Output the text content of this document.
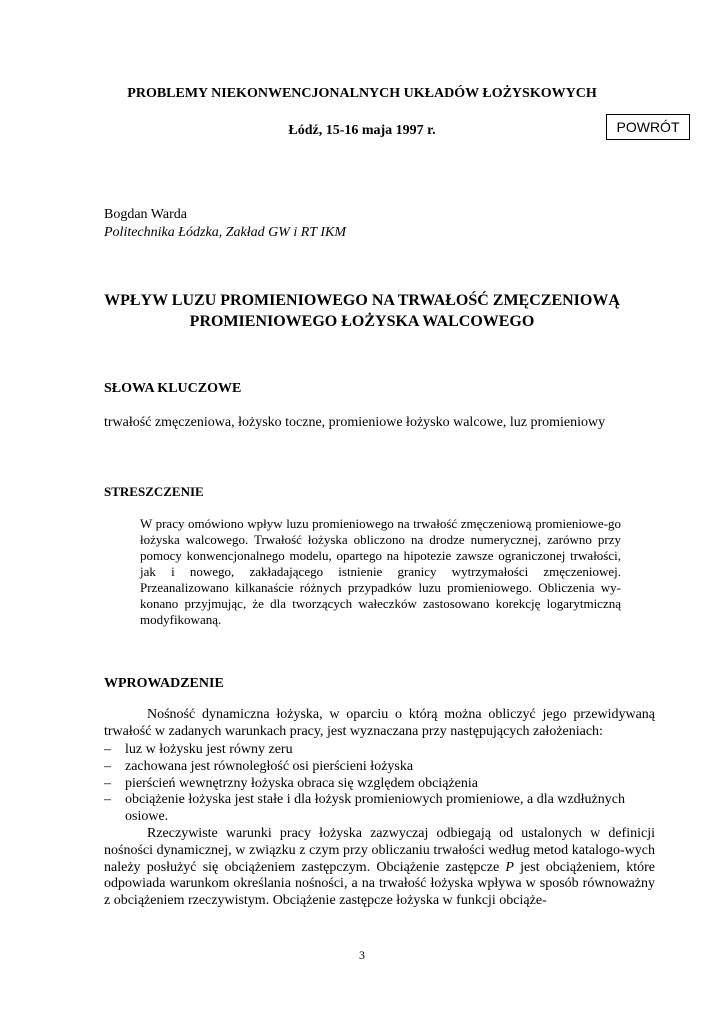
PROBLEMY NIEKONWENCJONALNYCH UKŁADÓW ŁOŻYSKOWYCH
Łódź, 15-16 maja 1997 r.	POWRÓT
Bogdan Warda
Politechnika Łódzka, Zakład GW i RT IKM
WPŁYW LUZU PROMIENIOWEGO NA TRWAŁOŚĆ ZMĘCZENIOWĄ
PROMIENIOWEGO ŁOŻYSKA WALCOWEGO
SŁOWA KLUCZOWE
trwałość zmęczeniowa, łożysko toczne, promieniowe łożysko walcowe, luz promieniowy
STRESZCZENIE

W pracy omówiono wpływ luzu promieniowego na trwałość zmęczeniową promieniowe-go łożyska walcowego. Trwałość łożyska obliczono na drodze numerycznej, zarówno przy pomocy konwencjonalnego modelu, opartego na hipotezie zawsze ograniczonej trwałości, jak i nowego, zakładającego istnienie granicy wytrzymałości zmęczeniowej. Przeanalizowano kilkanaście różnych przypadków luzu promieniowego. Obliczenia wy-konano przyjmując, że dla tworzących wałeczków zastosowano korekcję logarytmiczną modyfikowaną.

WPROWADZENIE

Nośność dynamiczna łożyska, w oparciu o którą można obliczyć jego przewidywaną trwałość w zadanych warunkach pracy, jest wyznaczana przy następujących założeniach:

– luz w łożysku jest równy zeru
– zachowana jest równoległość osi pierścieni łożyska
– pierścień wewnętrzny łożyska obraca się względem obciążenia
– obciążenie łożyska jest stałe i dla łożysk promieniowych promieniowe, a dla wzdłużnych osiowe.

Rzeczywiste warunki pracy łożyska zazwyczaj odbiegają od ustalonych w definicji nośności dynamicznej, w związku z czym przy obliczaniu trwałości według metod katalogo-wych należy posłużyć się obciążeniem zastępczym. Obciążenie zastępcze P jest obciążeniem, które odpowiada warunkom określania nośności, a na trwałość łożyska wpływa w sposób równoważny z obciążeniem rzeczywistym. Obciążenie zastępcze łożyska w funkcji obciąże-

3
